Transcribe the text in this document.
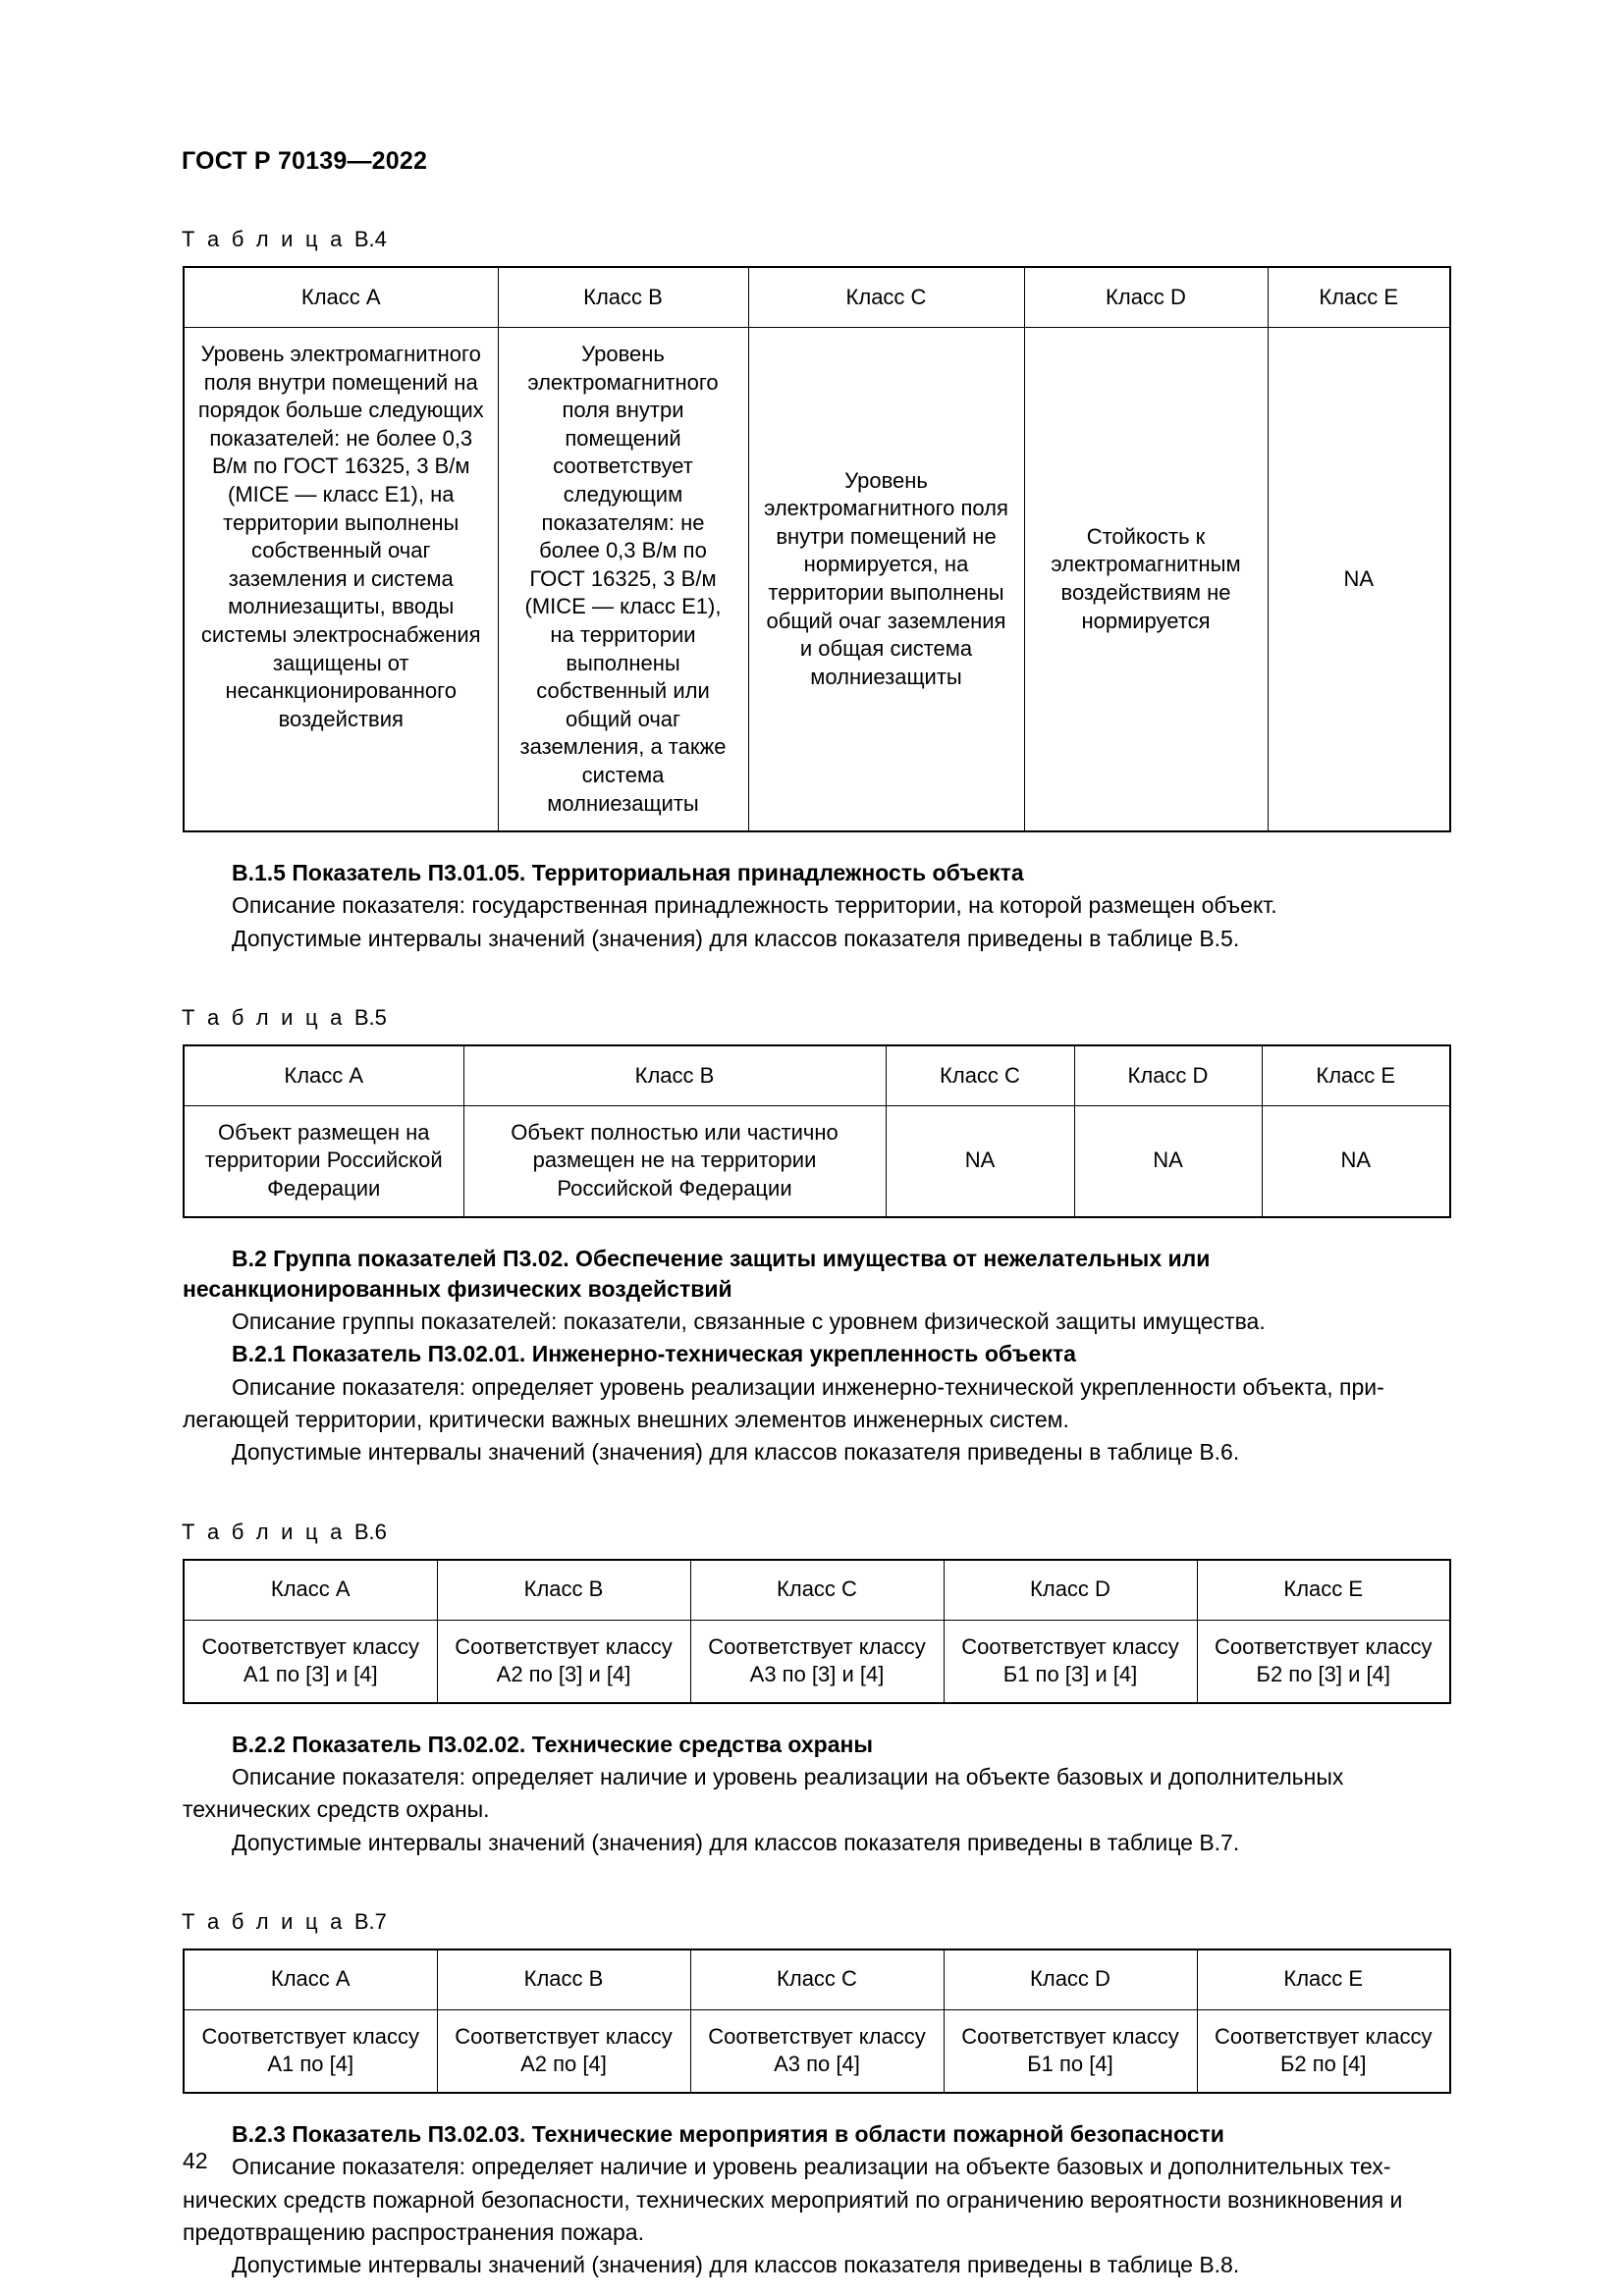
ГОСТ Р 70139—2022
Т а б л и ц а В.4
Класс A	Класс B	Класс C	Класс D	Класс E
Уровень электромагнитного поля внутри помещений на порядок больше следующих показателей: не более 0,3 В/м по ГОСТ 16325, 3 В/м (MICE — класс E1), на территории выполнены собственный очаг заземления и система молниезащиты, вводы системы электроснабжения защищены от несанкционированного воздействия	Уровень электромагнитного поля внутри помещений соответствует следующим показателям: не более 0,3 В/м по ГОСТ 16325, 3 В/м (MICE — класс E1), на территории выполнены собственный или общий очаг заземления, а также система молниезащиты	Уровень электромагнитного поля внутри помещений не нормируется, на территории выполнены общий очаг заземления и общая система молниезащиты	Стойкость к электромагнитным воздействиям не нормируется	NA

В.1.5 Показатель П3.01.05. Территориальная принадлежность объекта

Описание показателя: государственная принадлежность территории, на которой размещен объект.

Допустимые интервалы значений (значения) для классов показателя приведены в таблице В.5.

Т а б л и ц а В.5
Класс A	Класс B	Класс C	Класс D	Класс E
Объект размещен на территории Российской Федерации	Объект полностью или частично размещен не на территории Российской Федерации	NA	NA	NA

В.2 Группа показателей П3.02. Обеспечение защиты имущества от нежелательных или

несанкционированных физических воздействий

Описание группы показателей: показатели, связанные с уровнем физической защиты имущества.

В.2.1 Показатель П3.02.01. Инженерно-техническая укрепленность объекта

Описание показателя: определяет уровень реализации инженерно-технической укрепленности объекта, при-

легающей территории, критически важных внешних элементов инженерных систем.

Допустимые интервалы значений (значения) для классов показателя приведены в таблице В.6.

Т а б л и ц а В.6
Класс A	Класс B	Класс C	Класс D	Класс E
Соответствует классу А1 по [3] и [4]	Соответствует классу А2 по [3] и [4]	Соответствует классу А3 по [3] и [4]	Соответствует классу Б1 по [3] и [4]	Соответствует классу Б2 по [3] и [4]

В.2.2 Показатель П3.02.02. Технические средства охраны

Описание показателя: определяет наличие и уровень реализации на объекте базовых и дополнительных

технических средств охраны.

Допустимые интервалы значений (значения) для классов показателя приведены в таблице В.7.

Т а б л и ц а В.7
Класс A	Класс B	Класс C	Класс D	Класс E
Соответствует классу А1 по [4]	Соответствует классу А2 по [4]	Соответствует классу А3 по [4]	Соответствует классу Б1 по [4]	Соответствует классу Б2 по [4]

В.2.3 Показатель П3.02.03. Технические мероприятия в области пожарной безопасности

Описание показателя: определяет наличие и уровень реализации на объекте базовых и дополнительных тех-

нических средств пожарной безопасности, технических мероприятий по ограничению вероятности возникновения и

предотвращению распространения пожара.

Допустимые интервалы значений (значения) для классов показателя приведены в таблице В.8.

42
